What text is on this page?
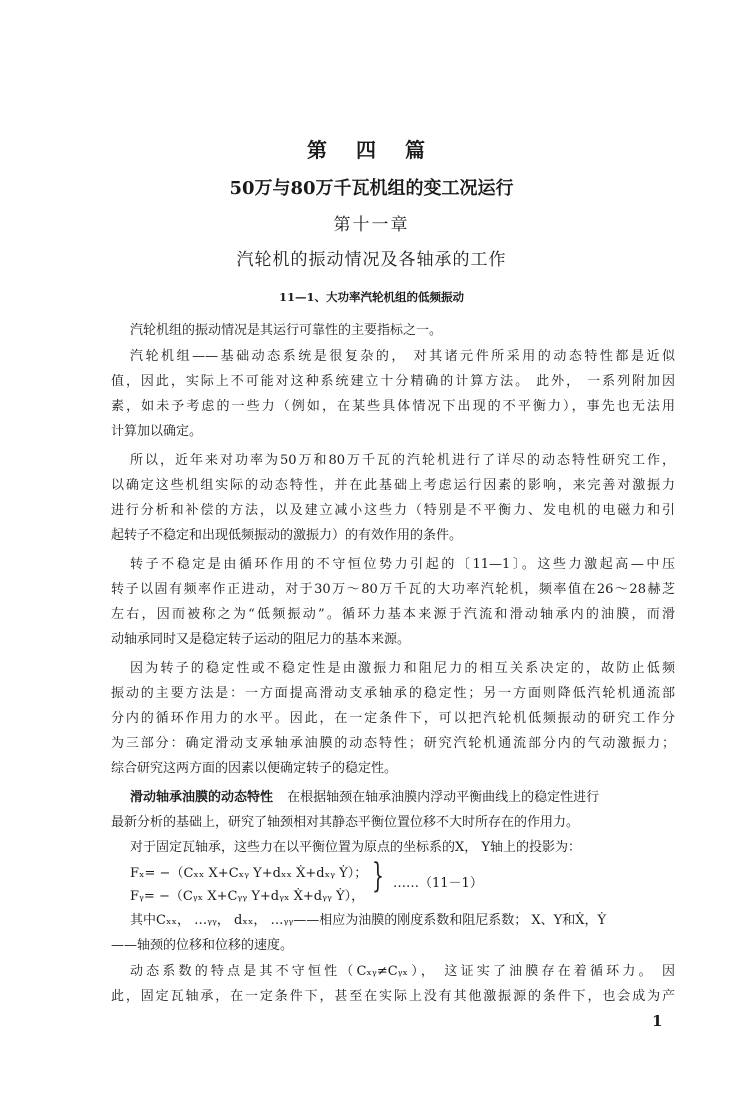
第 四 篇
50万与80万千瓦机组的变工况运行
第十一章
汽轮机的振动情况及各轴承的工作
11—1、大功率汽轮机组的低频振动
汽轮机组的振动情况是其运行可靠性的主要指标之一。
汽轮机组——基础动态系统是很复杂的， 对其诸元件所采用的动态特性都是近似
值，因此，实际上不可能对这种系统建立十分精确的计算方法。 此外， 一系列附加因
素，如未予考虑的一些力（例如，在某些具体情况下出现的不平衡力），事先也无法用
计算加以确定。
所以，近年来对功率为50万和80万千瓦的汽轮机进行了详尽的动态特性研究工作，
以确定这些机组实际的动态特性，并在此基础上考虑运行因素的影响，来完善对激振力
进行分析和补偿的方法，以及建立减小这些力（特别是不平衡力、发电机的电磁力和引
起转子不稳定和出现低频振动的激振力）的有效作用的条件。
转子不稳定是由循环作用的不守恒位势力引起的〔11—1〕。这些力激起高—中压
转子以固有频率作正进动，对于30万～80万千瓦的大功率汽轮机，频率值在26～28赫芝
左右，因而被称之为“低频振动”。循环力基本来源于汽流和滑动轴承内的油膜，而滑
动轴承同时又是稳定转子运动的阻尼力的基本来源。
因为转子的稳定性或不稳定性是由激振力和阻尼力的相互关系决定的，故防止低频
振动的主要方法是：一方面提高滑动支承轴承的稳定性；另一方面则降低汽轮机通流部
分内的循环作用力的水平。因此，在一定条件下，可以把汽轮机低频振动的研究工作分
为三部分：确定滑动支承轴承油膜的动态特性；研究汽轮机通流部分内的气动激振力；
综合研究这两方面的因素以便确定转子的稳定性。
滑动轴承油膜的动态特性 在根据轴颈在轴承油膜内浮动平衡曲线上的稳定性进行
最新分析的基础上，研究了轴颈相对其静态平衡位置位移不大时所存在的作用力。
对于固定瓦轴承，这些力在以平衡位置为原点的坐标系的X， Y轴上的投影为：
Fₓ= −（Cₓₓ X+Cₓᵧ Y+dₓₓ Ẋ+dₓᵧ Ẏ）；
Fᵧ= −（Cᵧₓ X+Cᵧᵧ Y+dᵧₓ Ẋ+dᵧᵧ Ẏ），
} ……（11－1）
其中Cₓₓ， …ᵧᵧ， dₓₓ， …ᵧᵧ——相应为油膜的刚度系数和阻尼系数； X、Y和Ẋ，Ẏ
——轴颈的位移和位移的速度。
动态系数的特点是其不守恒性（Cₓᵧ≠Cᵧₓ）， 这证实了油膜存在着循环力。 因
此，固定瓦轴承，在一定条件下，甚至在实际上没有其他激振源的条件下，也会成为产
1
